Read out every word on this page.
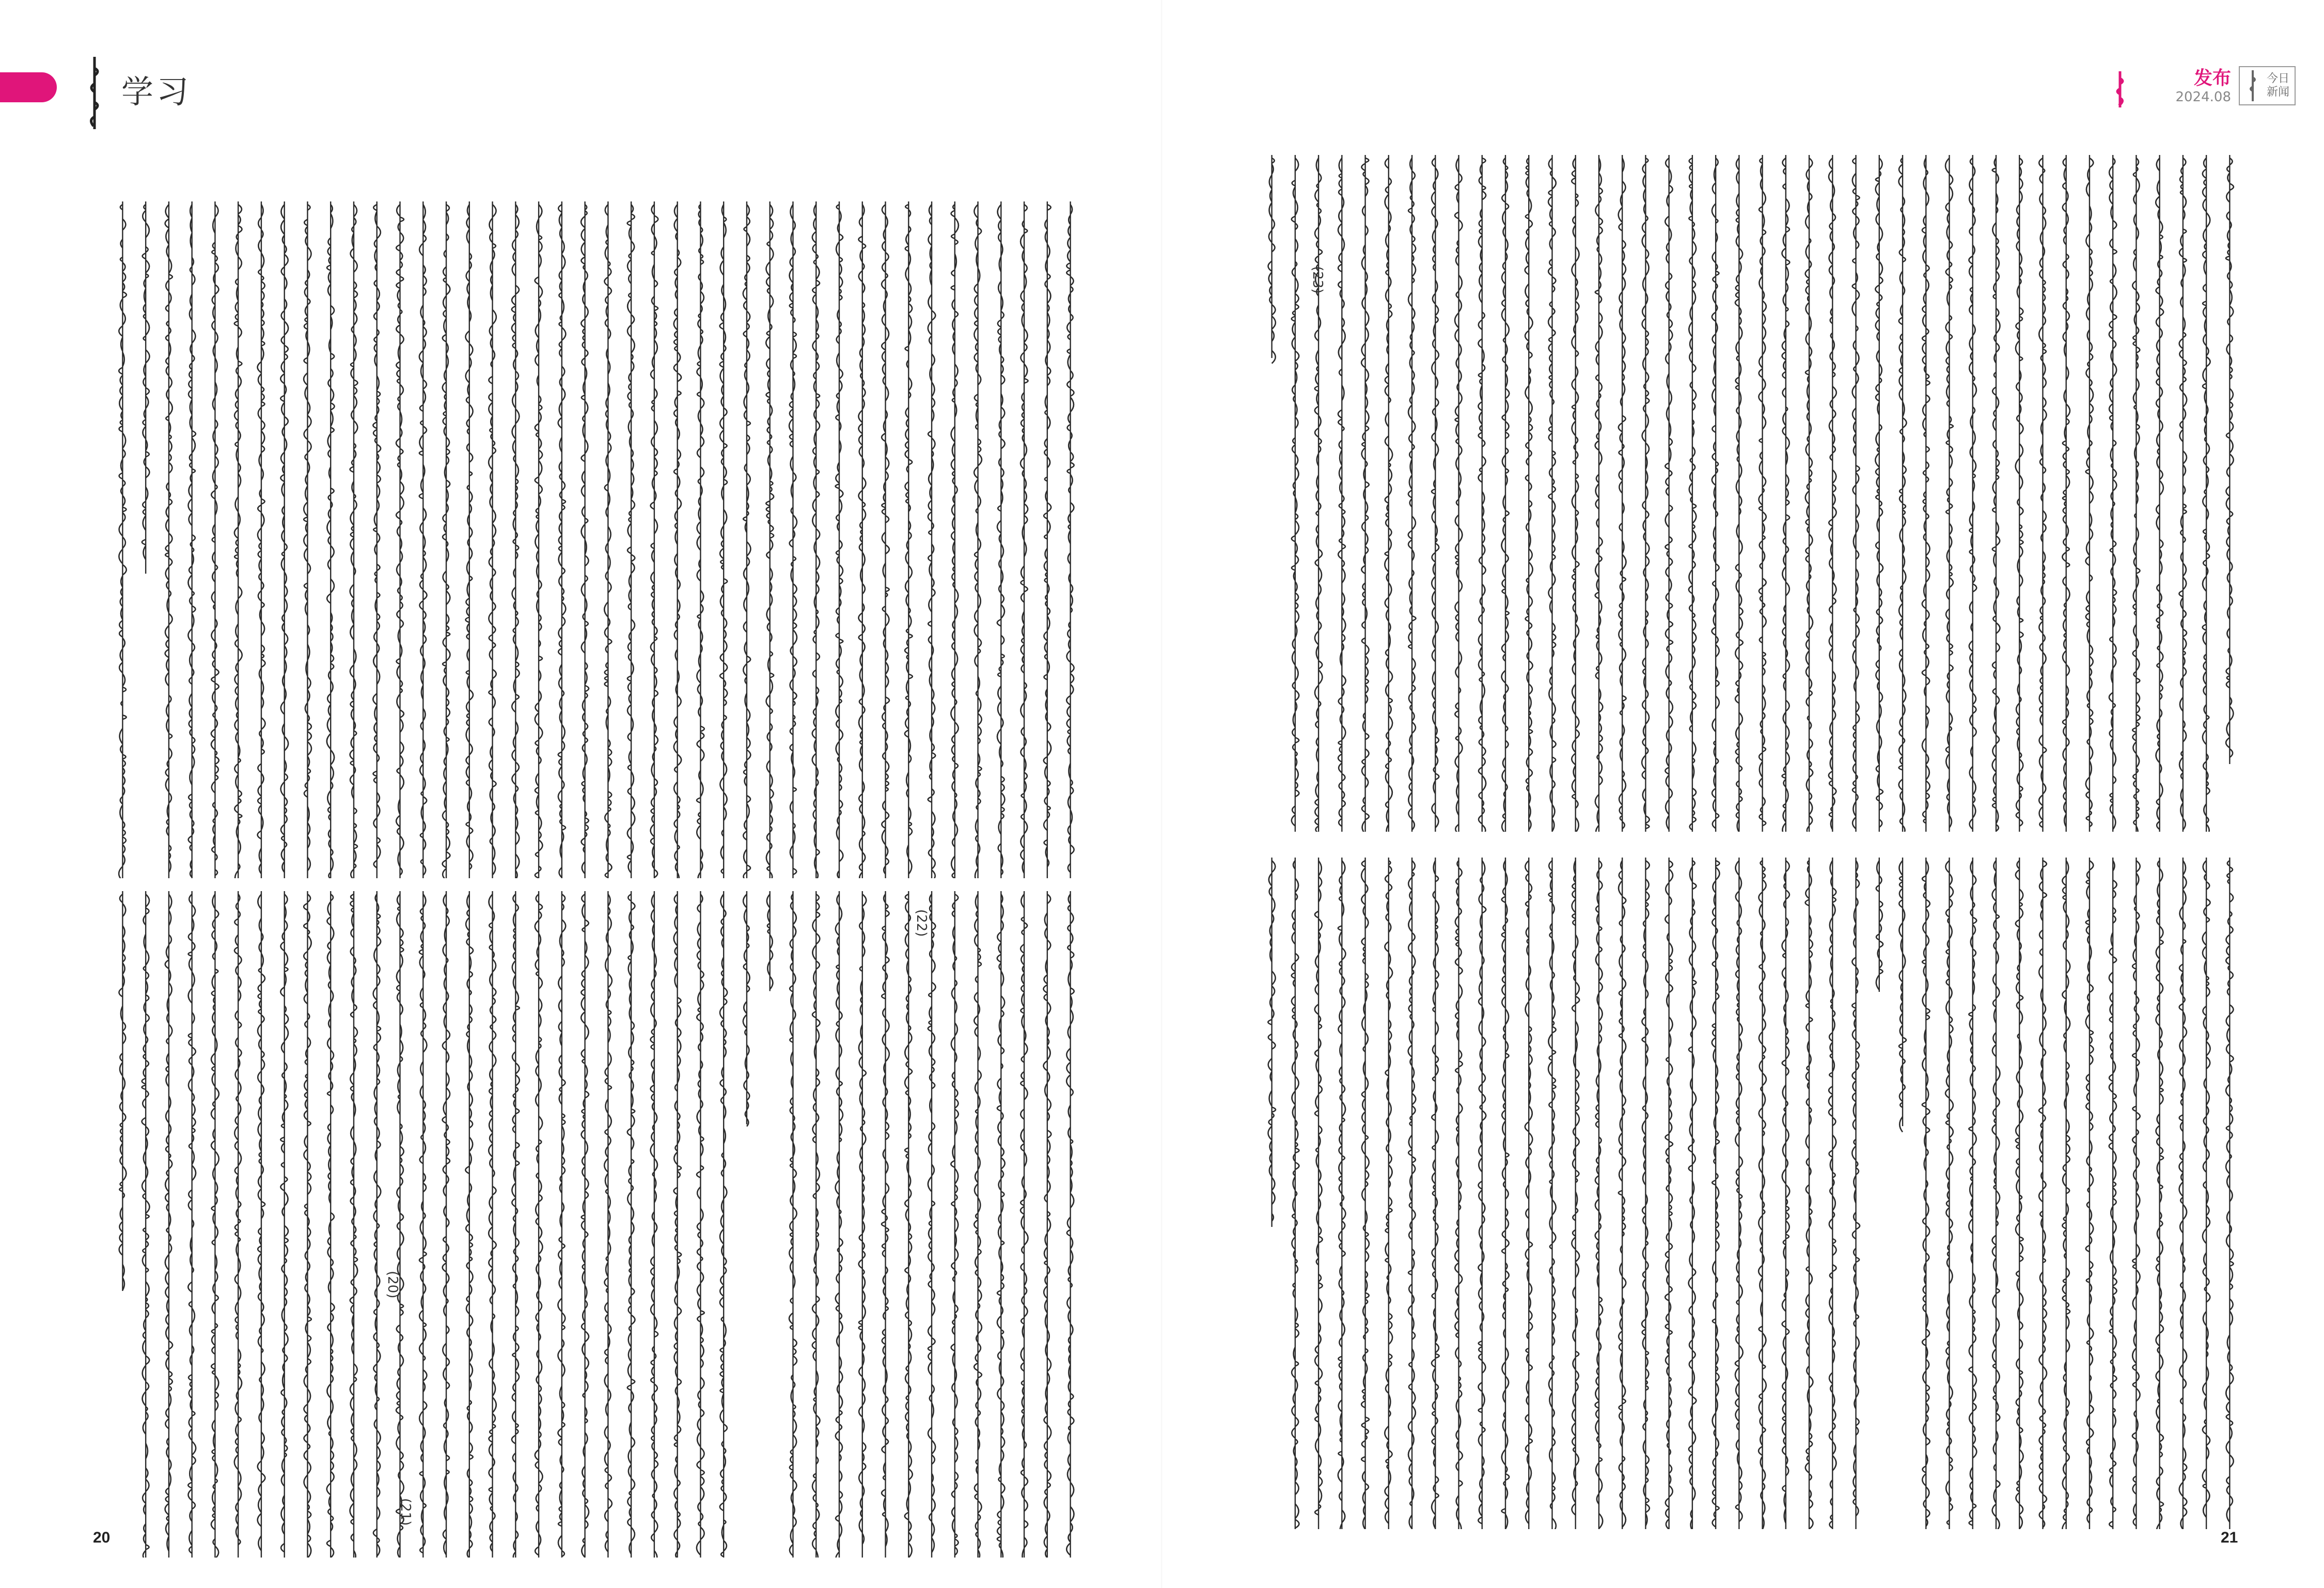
学习	发布
2024.08
今日
新闻
(20)
(21)
(22)
(23)
20	21
